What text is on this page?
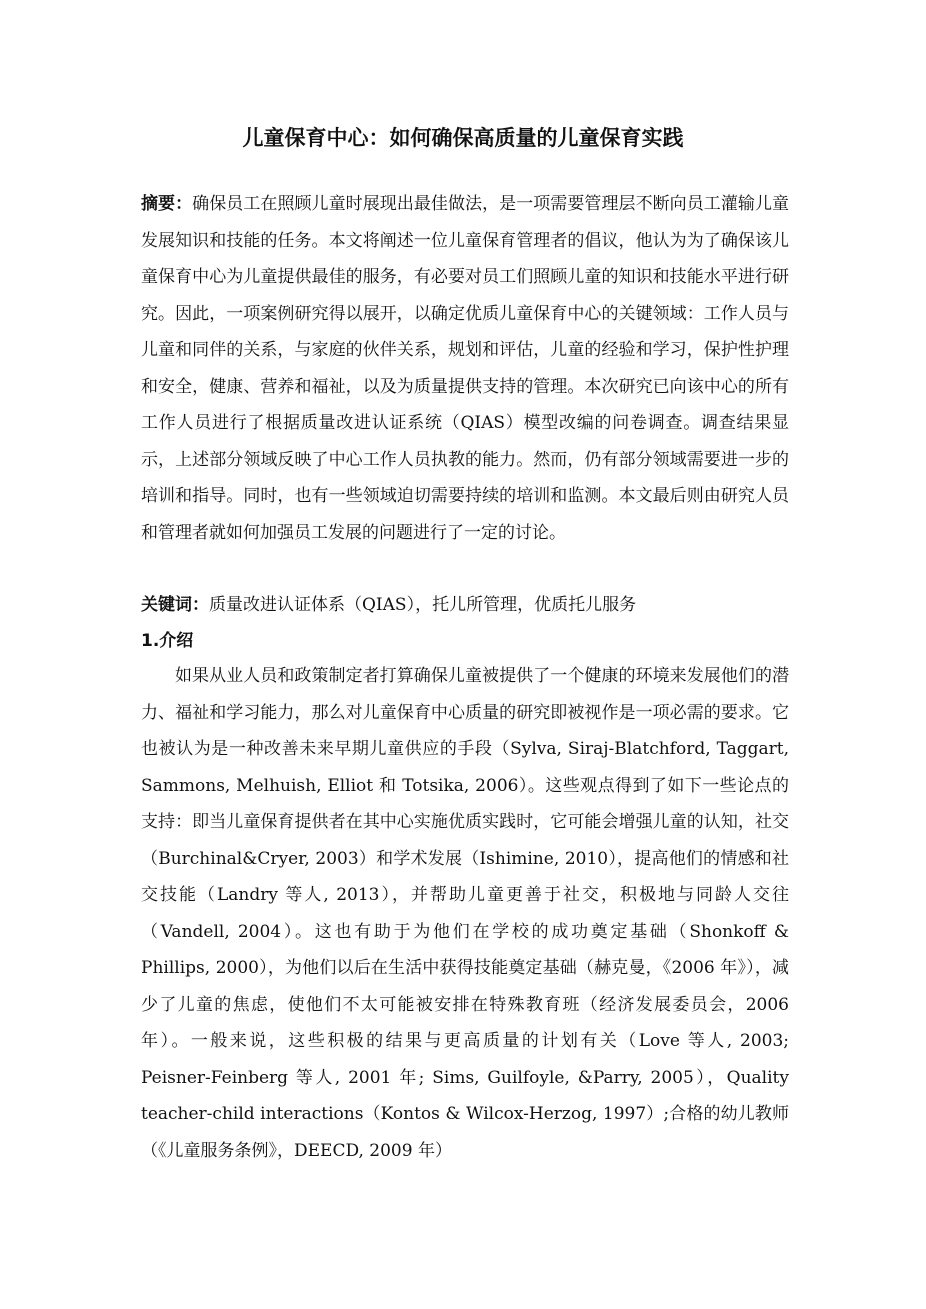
儿童保育中心：如何确保高质量的儿童保育实践

摘要：确保员工在照顾儿童时展现出最佳做法，是一项需要管理层不断向员工灌输儿童发展知识和技能的任务。本文将阐述一位儿童保育管理者的倡议，他认为为了确保该儿童保育中心为儿童提供最佳的服务，有必要对员工们照顾儿童的知识和技能水平进行研究。因此，一项案例研究得以展开，以确定优质儿童保育中心的关键领域：工作人员与儿童和同伴的关系，与家庭的伙伴关系，规划和评估，儿童的经验和学习，保护性护理和安全，健康、营养和福祉，以及为质量提供支持的管理。本次研究已向该中心的所有工作人员进行了根据质量改进认证系统（QIAS）模型改编的问卷调查。调查结果显示，上述部分领域反映了中心工作人员执教的能力。然而，仍有部分领域需要进一步的培训和指导。同时，也有一些领域迫切需要持续的培训和监测。本文最后则由研究人员和管理者就如何加强员工发展的问题进行了一定的讨论。

关键词：质量改进认证体系（QIAS），托儿所管理，优质托儿服务

1.介绍

如果从业人员和政策制定者打算确保儿童被提供了一个健康的环境来发展他们的潜力、福祉和学习能力，那么对儿童保育中心质量的研究即被视作是一项必需的要求。它也被认为是一种改善未来早期儿童供应的手段（Sylva, Siraj-Blatchford, Taggart, Sammons, Melhuish, Elliot 和 Totsika, 2006）。这些观点得到了如下一些论点的支持：即当儿童保育提供者在其中心实施优质实践时，它可能会增强儿童的认知，社交（Burchinal&Cryer, 2003）和学术发展（Ishimine, 2010），提高他们的情感和社交技能（Landry 等人, 2013），并帮助儿童更善于社交，积极地与同龄人交往（Vandell, 2004）。这也有助于为他们在学校的成功奠定基础（Shonkoff & Phillips, 2000），为他们以后在生活中获得技能奠定基础（赫克曼，《2006 年》），减少了儿童的焦虑，使他们不太可能被安排在特殊教育班（经济发展委员会，2006 年）。一般来说，这些积极的结果与更高质量的计划有关（Love 等人, 2003; Peisner-Feinberg 等人, 2001 年; Sims, Guilfoyle, &Parry, 2005），Quality teacher-child interactions（Kontos & Wilcox-Herzog, 1997）;合格的幼儿教师（《儿童服务条例》，DEECD, 2009 年）
